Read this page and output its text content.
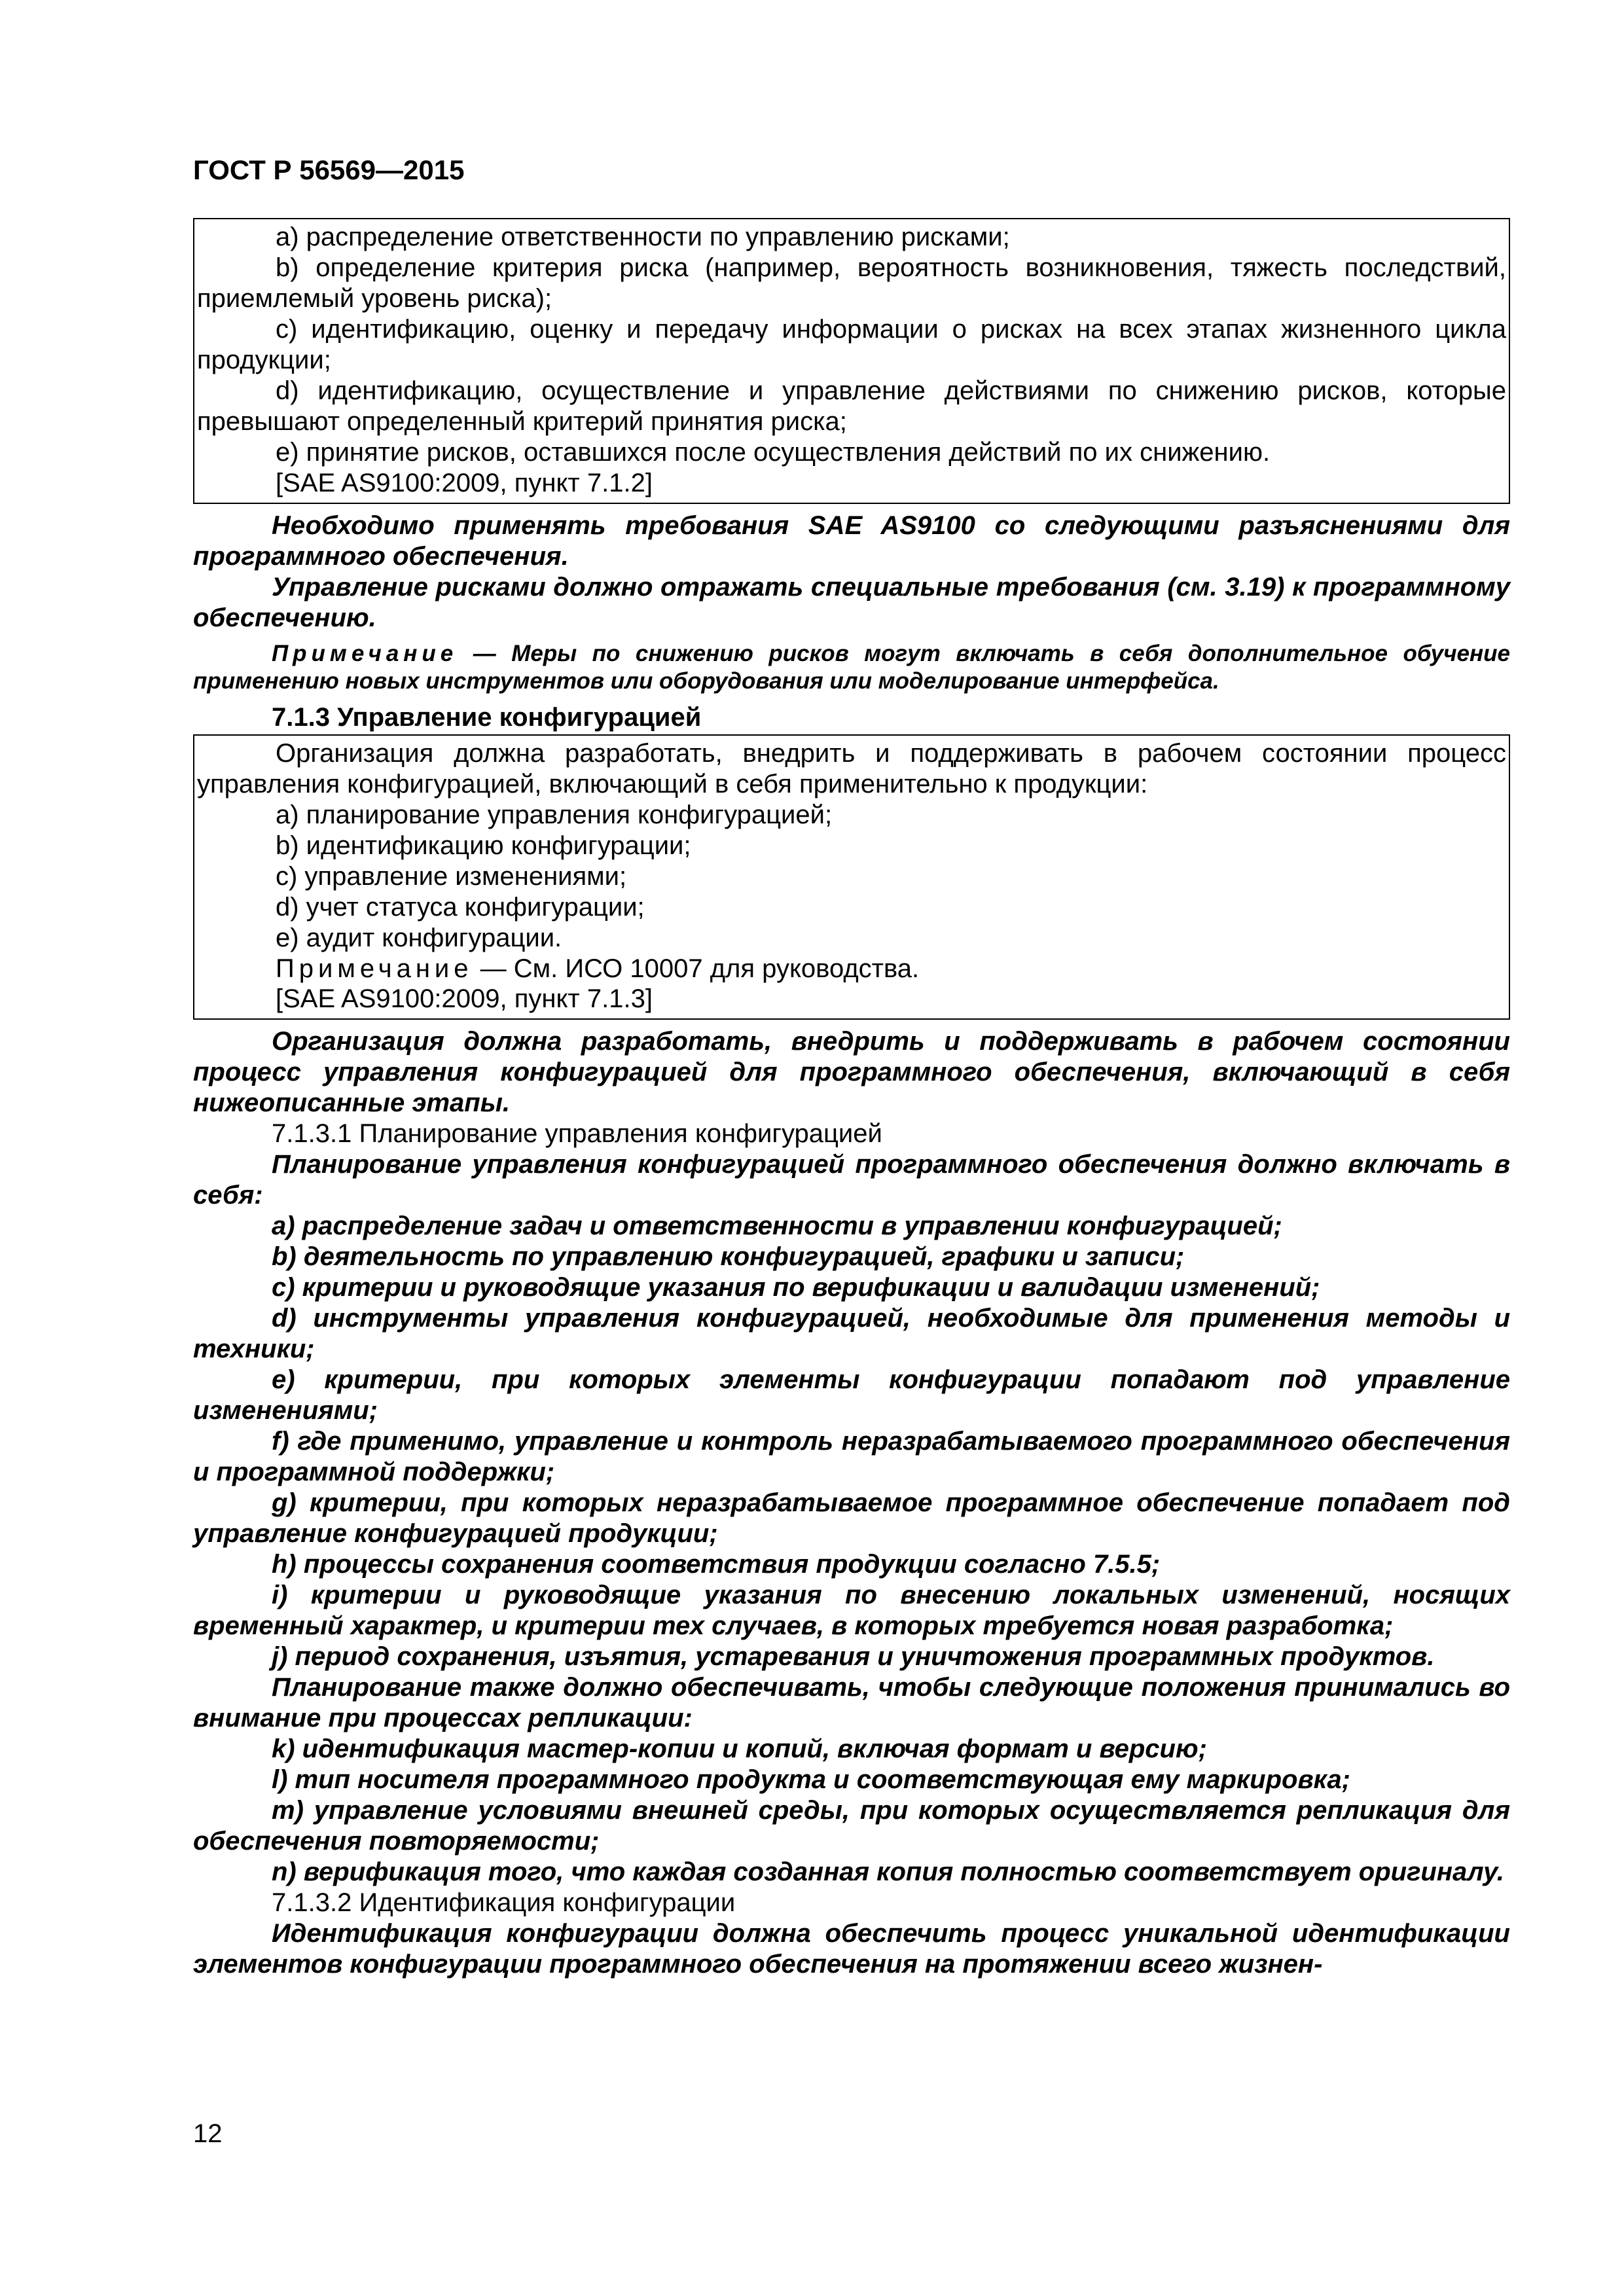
ГОСТ Р 56569—2015

a) распределение ответственности по управлению рисками;

b) определение критерия риска (например, вероятность возникновения, тяжесть последствий, приемлемый уровень риска);

c) идентификацию, оценку и передачу информации о рисках на всех этапах жизненного цикла продукции;

d) идентификацию, осуществление и управление действиями по снижению рисков, которые превышают определенный критерий принятия риска;

e) принятие рисков, оставшихся после осуществления действий по их снижению.

[SAE AS9100:2009, пункт 7.1.2]

Необходимо применять требования SAE AS9100 со следующими разъяснениями для программного обеспечения.

Управление рисками должно отражать специальные требования (см. 3.19) к программному обеспечению.

Примечание — Меры по снижению рисков могут включать в себя дополнительное обучение применению новых инструментов или оборудования или моделирование интерфейса.

7.1.3 Управление конфигурацией

Организация должна разработать, внедрить и поддерживать в рабочем состоянии процесс управления конфигурацией, включающий в себя применительно к продукции:

a) планирование управления конфигурацией;

b) идентификацию конфигурации;

c) управление изменениями;

d) учет статуса конфигурации;

e) аудит конфигурации.

Примечание — См. ИСО 10007 для руководства.

[SAE AS9100:2009, пункт 7.1.3]

Организация должна разработать, внедрить и поддерживать в рабочем состоянии процесс управления конфигурацией для программного обеспечения, включающий в себя нижеописанные этапы.

7.1.3.1 Планирование управления конфигурацией

Планирование управления конфигурацией программного обеспечения должно включать в себя:

a) распределение задач и ответственности в управлении конфигурацией;

b) деятельность по управлению конфигурацией, графики и записи;

c) критерии и руководящие указания по верификации и валидации изменений;

d) инструменты управления конфигурацией, необходимые для применения методы и техники;

e) критерии, при которых элементы конфигурации попадают под управление изменениями;

f) где применимо, управление и контроль неразрабатываемого программного обеспечения и программной поддержки;

g) критерии, при которых неразрабатываемое программное обеспечение попадает под управление конфигурацией продукции;

h) процессы сохранения соответствия продукции согласно 7.5.5;

i) критерии и руководящие указания по внесению локальных изменений, носящих временный характер, и критерии тех случаев, в которых требуется новая разработка;

j) период сохранения, изъятия, устаревания и уничтожения программных продуктов.

Планирование также должно обеспечивать, чтобы следующие положения принимались во внимание при процессах репликации:

k) идентификация мастер-копии и копий, включая формат и версию;

l) тип носителя программного продукта и соответствующая ему маркировка;

m) управление условиями внешней среды, при которых осуществляется репликация для обеспечения повторяемости;

n) верификация того, что каждая созданная копия полностью соответствует оригиналу.

7.1.3.2 Идентификация конфигурации

Идентификация конфигурации должна обеспечить процесс уникальной идентификации элементов конфигурации программного обеспечения на протяжении всего жизнен-

12
